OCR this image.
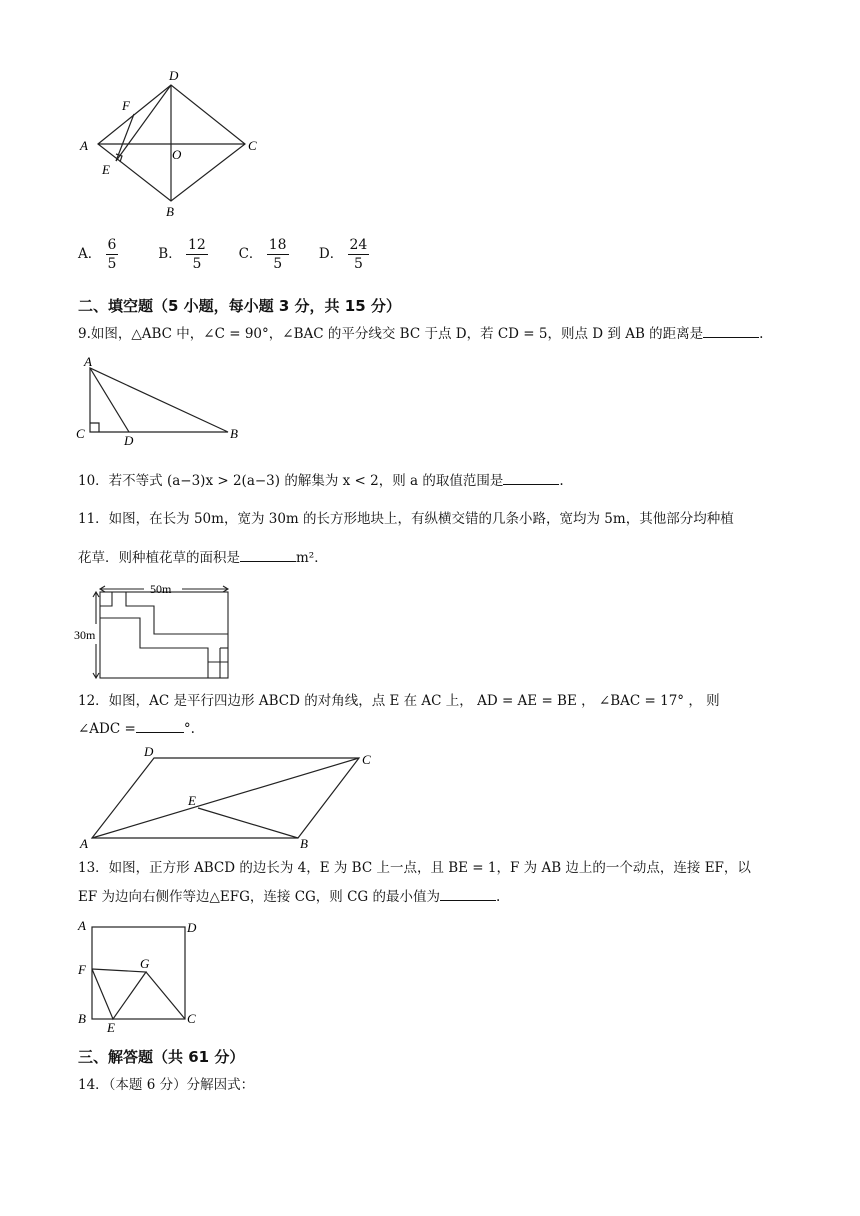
D
F
A
O
C
E
B
A． $\frac{6}{5}$	B． $\frac{12}{5}$ C． $\frac{18}{5}$ D． $\frac{24}{5}$
二、填空题（5 小题，每小题 3 分，共 15 分）
9.如图，△ABC 中，∠C = 90°，∠BAC 的平分线交 BC 于点 D，若 CD = 5，则点 D 到 AB 的距离是	.
A
C	D	B
10．若不等式 (a−3)x > 2(a−3) 的解集为 x < 2，则 a 的取值范围是	.
11．如图，在长为 50m，宽为 30m 的长方形地块上，有纵横交错的几条小路，宽均为 5m，其他部分均种植
花草．则种植花草的面积是	m²．
50m
30m
12．如图，AC 是平行四边形 ABCD 的对角线，点 E 在 AC 上， AD = AE = BE ， ∠BAC = 17° ， 则
∠ADC =	°.
D
C
E
A	B
13．如图，正方形 ABCD 的边长为 4，E 为 BC 上一点，且 BE = 1，F 为 AB 边上的一个动点，连接 EF，以
EF 为边向右侧作等边△EFG，连接 CG，则 CG 的最小值为	.
A	D
F	G
B
E
C
三、解答题（共 61 分）
14．（本题 6 分）分解因式：
